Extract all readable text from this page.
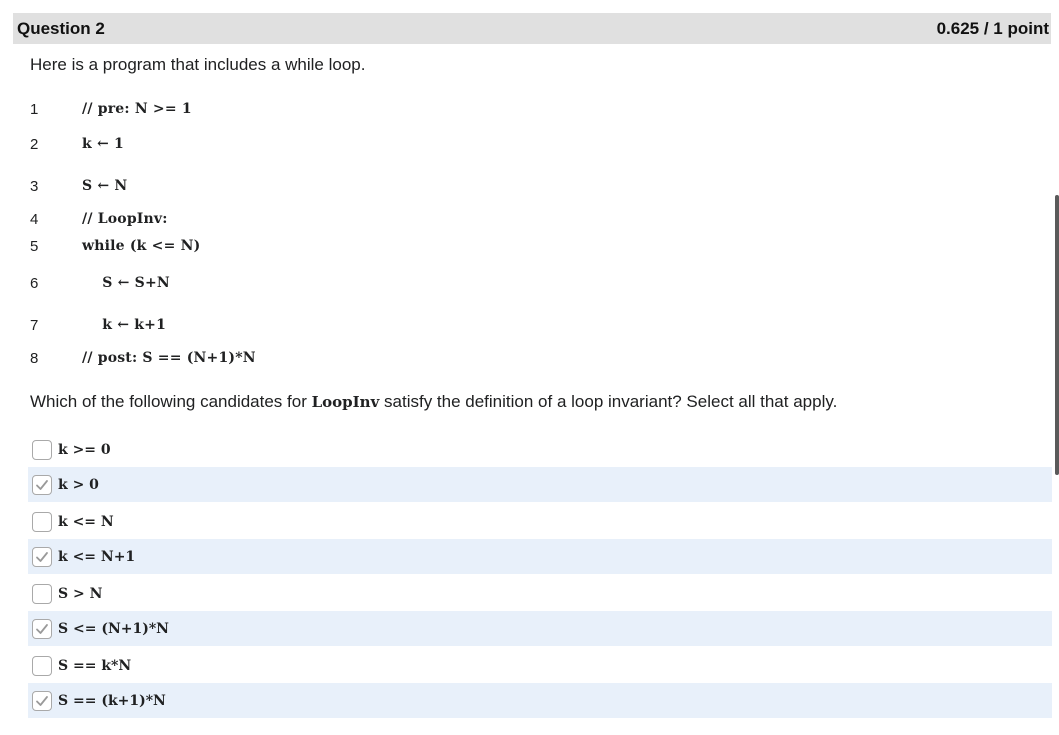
Question 2	0.625 / 1 point
Here is a program that includes a while loop.
1	// pre: N >= 1
2	k ← 1
3	S ← N
4	// LoopInv:
5	while (k <= N)
6	S ← S+N
7	k ← k+1
8	// post: S == (N+1)*N
Which of the following candidates for LoopInv satisfy the definition of a loop invariant? Select all that apply.
k >= 0
k > 0
k <= N
k <= N+1
S > N
S <= (N+1)*N
S == k*N
S == (k+1)*N
